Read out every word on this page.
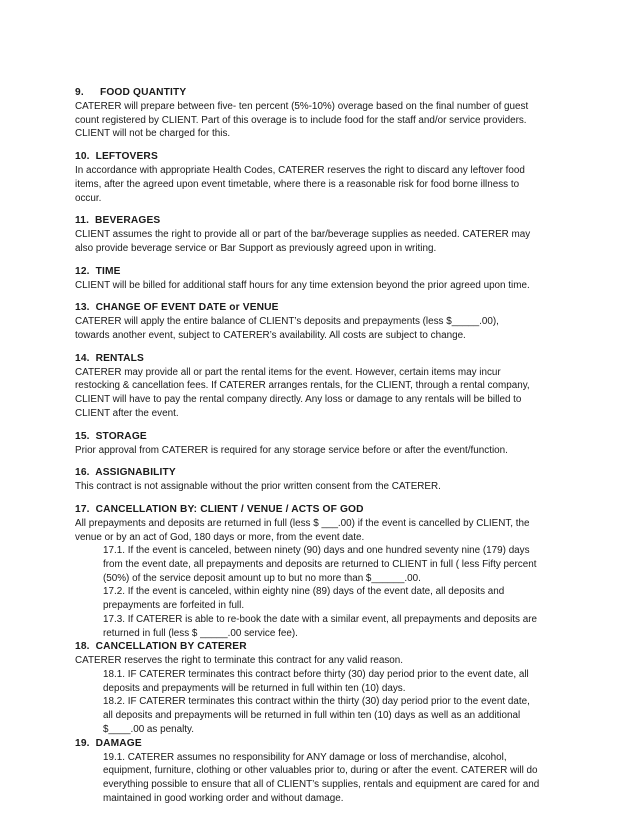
9. FOOD QUANTITY
CATERER will prepare between five- ten percent (5%-10%) overage based on the final number of guest
count registered by CLIENT. Part of this overage is to include food for the staff and/or service providers.
CLIENT will not be charged for this.
10. LEFTOVERS
In accordance with appropriate Health Codes, CATERER reserves the right to discard any leftover food
items, after the agreed upon event timetable, where there is a reasonable risk for food borne illness to
occur.
11. BEVERAGES
CLIENT assumes the right to provide all or part of the bar/beverage supplies as needed. CATERER may
also provide beverage service or Bar Support as previously agreed upon in writing.
12. TIME
CLIENT will be billed for additional staff hours for any time extension beyond the prior agreed upon time.
13. CHANGE OF EVENT DATE or VENUE
CATERER will apply the entire balance of CLIENT’s deposits and prepayments (less $_____.00),
towards another event, subject to CATERER’s availability. All costs are subject to change.
14. RENTALS
CATERER may provide all or part the rental items for the event. However, certain items may incur
restocking & cancellation fees. If CATERER arranges rentals, for the CLIENT, through a rental company,
CLIENT will have to pay the rental company directly. Any loss or damage to any rentals will be billed to
CLIENT after the event.
15. STORAGE
Prior approval from CATERER is required for any storage service before or after the event/function.
16. ASSIGNABILITY
This contract is not assignable without the prior written consent from the CATERER.
17. CANCELLATION BY: CLIENT / VENUE / ACTS OF GOD
All prepayments and deposits are returned in full (less $ ___.00) if the event is cancelled by CLIENT, the
venue or by an act of God, 180 days or more, from the event date.
17.1. If the event is canceled, between ninety (90) days and one hundred seventy nine (179) days
from the event date, all prepayments and deposits are returned to CLIENT in full ( less Fifty percent
(50%) of the service deposit amount up to but no more than $______.00.
17.2. If the event is canceled, within eighty nine (89) days of the event date, all deposits and
prepayments are forfeited in full.
17.3. If CATERER is able to re-book the date with a similar event, all prepayments and deposits are
returned in full (less $ _____.00 service fee).
18. CANCELLATION BY CATERER
CATERER reserves the right to terminate this contract for any valid reason.
18.1. IF CATERER terminates this contract before thirty (30) day period prior to the event date, all
deposits and prepayments will be returned in full within ten (10) days.
18.2. IF CATERER terminates this contract within the thirty (30) day period prior to the event date,
all deposits and prepayments will be returned in full within ten (10) days as well as an additional
$____.00 as penalty.
19. DAMAGE
19.1. CATERER assumes no responsibility for ANY damage or loss of merchandise, alcohol,
equipment, furniture, clothing or other valuables prior to, during or after the event. CATERER will do
everything possible to ensure that all of CLIENT’s supplies, rentals and equipment are cared for and
maintained in good working order and without damage.
